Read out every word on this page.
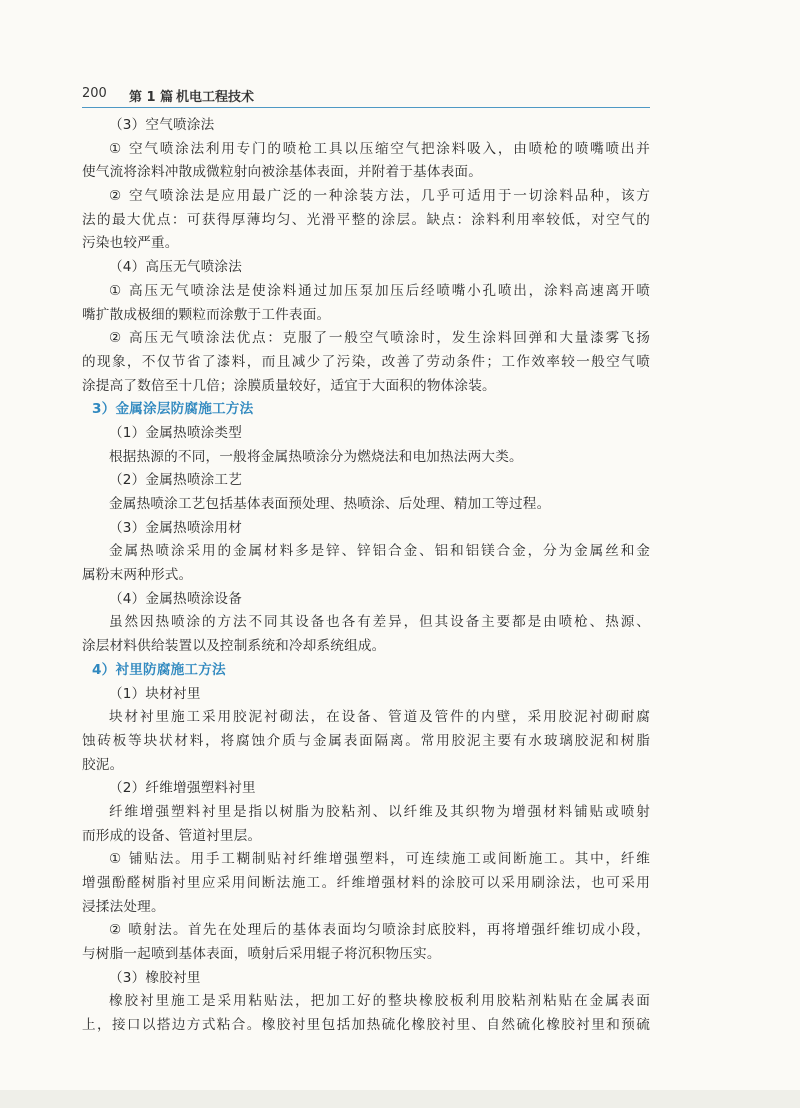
200 第 1 篇 机电工程技术
（3）空气喷涂法
① 空气喷涂法利用专门的喷枪工具以压缩空气把涂料吸入，由喷枪的喷嘴喷出并
使气流将涂料冲散成微粒射向被涂基体表面，并附着于基体表面。
② 空气喷涂法是应用最广泛的一种涂装方法，几乎可适用于一切涂料品种，该方
法的最大优点：可获得厚薄均匀、光滑平整的涂层。缺点：涂料利用率较低，对空气的
污染也较严重。
（4）高压无气喷涂法
① 高压无气喷涂法是使涂料通过加压泵加压后经喷嘴小孔喷出，涂料高速离开喷
嘴扩散成极细的颗粒而涂敷于工件表面。
② 高压无气喷涂法优点：克服了一般空气喷涂时，发生涂料回弹和大量漆雾飞扬
的现象，不仅节省了漆料，而且减少了污染，改善了劳动条件；工作效率较一般空气喷
涂提高了数倍至十几倍；涂膜质量较好，适宜于大面积的物体涂装。
3）金属涂层防腐施工方法
（1）金属热喷涂类型
根据热源的不同，一般将金属热喷涂分为燃烧法和电加热法两大类。
（2）金属热喷涂工艺
金属热喷涂工艺包括基体表面预处理、热喷涂、后处理、精加工等过程。
（3）金属热喷涂用材
金属热喷涂采用的金属材料多是锌、锌铝合金、铝和铝镁合金，分为金属丝和金
属粉末两种形式。
（4）金属热喷涂设备
虽然因热喷涂的方法不同其设备也各有差异，但其设备主要都是由喷枪、热源、
涂层材料供给装置以及控制系统和冷却系统组成。
4）衬里防腐施工方法
（1）块材衬里
块材衬里施工采用胶泥衬砌法，在设备、管道及管件的内壁，采用胶泥衬砌耐腐
蚀砖板等块状材料，将腐蚀介质与金属表面隔离。常用胶泥主要有水玻璃胶泥和树脂
胶泥。
（2）纤维增强塑料衬里
纤维增强塑料衬里是指以树脂为胶粘剂、以纤维及其织物为增强材料铺贴或喷射
而形成的设备、管道衬里层。
① 铺贴法。用手工糊制贴衬纤维增强塑料，可连续施工或间断施工。其中，纤维
增强酚醛树脂衬里应采用间断法施工。纤维增强材料的涂胶可以采用刷涂法，也可采用
浸揉法处理。
② 喷射法。首先在处理后的基体表面均匀喷涂封底胶料，再将增强纤维切成小段，
与树脂一起喷到基体表面，喷射后采用辊子将沉积物压实。
（3）橡胶衬里
橡胶衬里施工是采用粘贴法，把加工好的整块橡胶板利用胶粘剂粘贴在金属表面
上，接口以搭边方式粘合。橡胶衬里包括加热硫化橡胶衬里、自然硫化橡胶衬里和预硫
